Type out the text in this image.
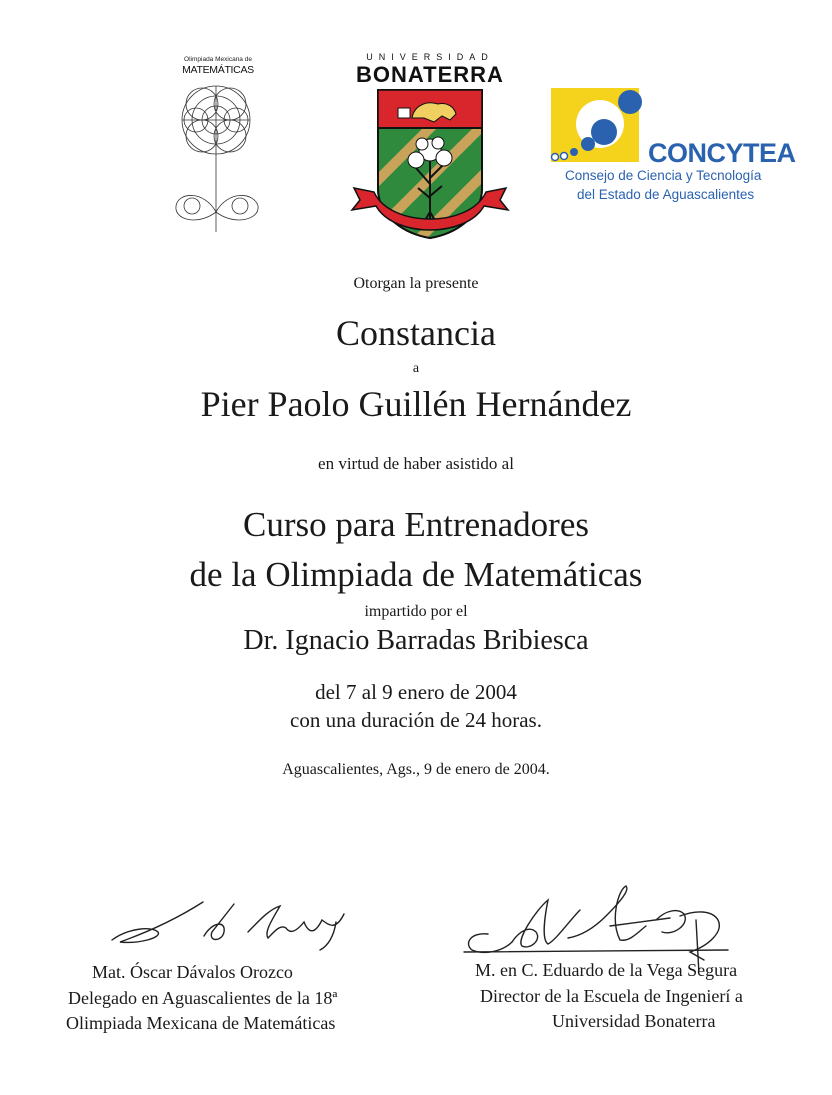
Olimpiada Mexicana de
MATEMÁTICAS
UNIVERSIDAD
BONATERRA
CONCYTEA
Consejo de Ciencia y Tecnología
del Estado de Aguascalientes
Otorgan la presente
Constancia
a
Pier Paolo Guillén Hernández
en virtud de haber asistido al
Curso para Entrenadores
de la Olimpiada de Matemáticas
impartido por el
Dr. Ignacio Barradas Bribiesca
del 7 al 9 enero de 2004
con una duración de 24 horas.
Aguascalientes, Ags., 9 de enero de 2004.
Mat. Óscar Dávalos Orozco
Delegado en Aguascalientes de la 18ª
Olimpiada Mexicana de Matemáticas
M. en C. Eduardo de la Vega Segura
Director de la Escuela de Ingenierí a
Universidad Bonaterra
